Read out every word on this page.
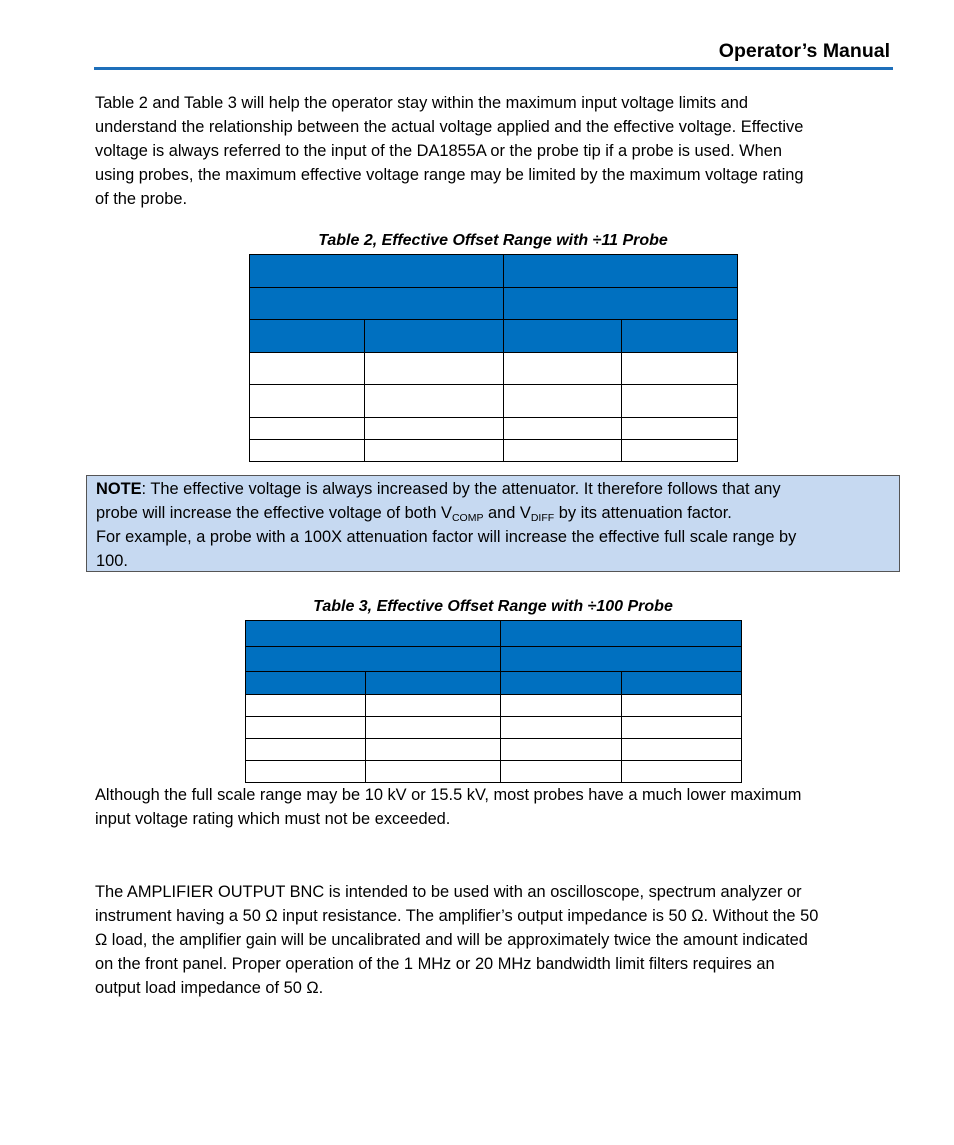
Operator’s Manual
Table 2 and Table 3 will help the operator stay within the maximum input voltage limits and
understand the relationship between the actual voltage applied and the effective voltage. Effective
voltage is always referred to the input of the DA1855A or the probe tip if a probe is used. When
using probes, the maximum effective voltage range may be limited by the maximum voltage rating
of the probe.
Table 2, Effective Offset Range with ÷11 Probe

NOTE: The effective voltage is always increased by the attenuator. It therefore follows that any
probe will increase the effective voltage of both $V_{COMP}$ and $V_{DIFF}$ by its attenuation factor.
For example, a probe with a 100X attenuation factor will increase the effective full scale range by
100.
Table 3, Effective Offset Range with ÷100 Probe

Although the full scale range may be 10 kV or 15.5 kV, most probes have a much lower maximum
input voltage rating which must not be exceeded.
The AMPLIFIER OUTPUT BNC is intended to be used with an oscilloscope, spectrum analyzer or
instrument having a 50 Ω input resistance. The amplifier’s output impedance is 50 Ω. Without the 50
Ω load, the amplifier gain will be uncalibrated and will be approximately twice the amount indicated
on the front panel. Proper operation of the 1 MHz or 20 MHz bandwidth limit filters requires an
output load impedance of 50 Ω.
